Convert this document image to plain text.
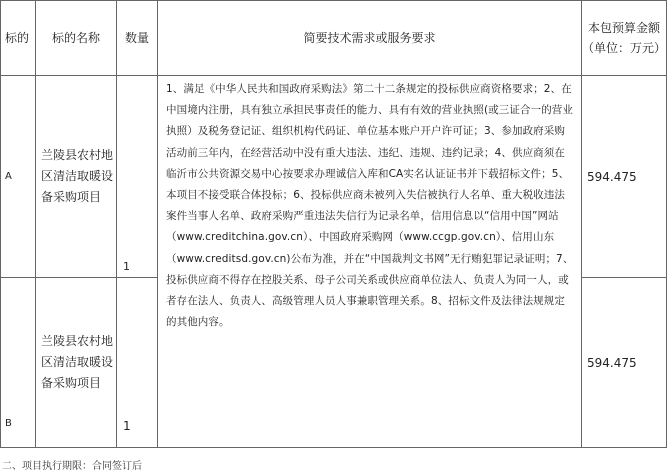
标的	标的名称	数量	简要技术需求或服务要求	本包预算金额（单位：万元）
A	兰陵县农村地区清洁取暖设备采购项目	1	1、满足《中华人民共和国政府采购法》第二十二条规定的投标供应商资格要求；2、在中国境内注册，具有独立承担民事责任的能力、具有有效的营业执照(或三证合一的营业执照）及税务登记证、组织机构代码证、单位基本账户开户许可证；3、参加政府采购活动前三年内，在经营活动中没有重大违法、违纪、违规、违约记录；4、供应商须在临沂市公共资源交易中心按要求办理诚信入库和CA实名认证证书并下载招标文件；5、本项目不接受联合体投标；6、投标供应商未被列入失信被执行人名单、重大税收违法案件当事人名单、政府采购严重违法失信行为记录名单，信用信息以“信用中国”网站（www.creditchina.gov.cn）、中国政府采购网（www.ccgp.gov.cn）、信用山东（www.creditsd.gov.cn)公布为准，并在“中国裁判文书网”无行贿犯罪记录证明；7、投标供应商不得存在控股关系、母子公司关系或供应商单位法人、负责人为同一人，或者存在法人、负责人、高级管理人员人事兼职管理关系。8、招标文件及法律法规规定的其他内容。	594.475
B	兰陵县农村地区清洁取暖设备采购项目	1		594.475
二、项目执行期限：合同签订后
